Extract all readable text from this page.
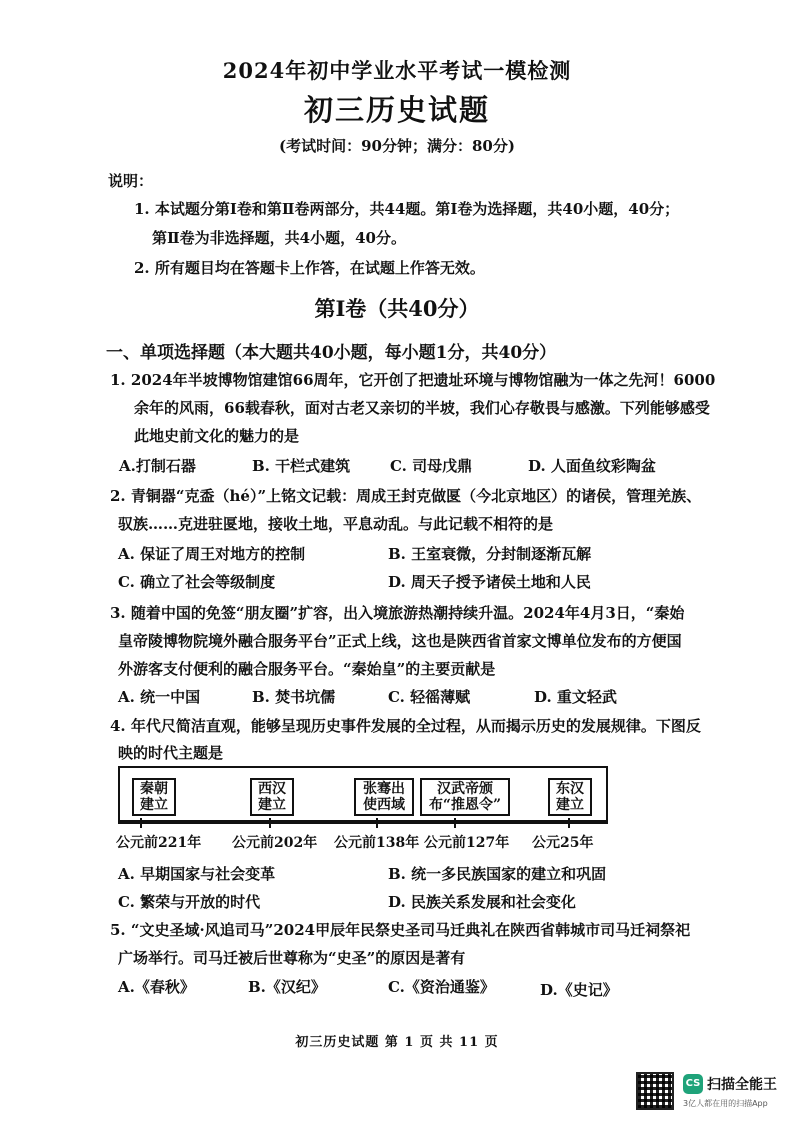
2024年初中学业水平考试一模检测
初三历史试题
(考试时间：90分钟；满分：80分)
说明：
1. 本试题分第Ⅰ卷和第Ⅱ卷两部分，共44题。第Ⅰ卷为选择题，共40小题，40分；
第Ⅱ卷为非选择题，共4小题，40分。
2. 所有题目均在答题卡上作答，在试题上作答无效。
第Ⅰ卷（共40分）
一、单项选择题（本大题共40小题，每小题1分，共40分）
1. 2024年半坡博物馆建馆66周年，它开创了把遗址环境与博物馆融为一体之先河！6000
余年的风雨，66载春秋，面对古老又亲切的半坡，我们心存敬畏与感激。下列能够感受
此地史前文化的魅力的是
A.打制石器	B. 干栏式建筑	C. 司母戊鼎	D. 人面鱼纹彩陶盆
2. 青铜器“克盉（hé）”上铭文记载：周成王封克做匽（今北京地区）的诸侯，管理羌族、
驭族……克进驻匽地，接收土地，平息动乱。与此记载不相符的是
A. 保证了周王对地方的控制	B. 王室衰微，分封制逐渐瓦解
C. 确立了社会等级制度	D. 周天子授予诸侯土地和人民
3. 随着中国的免签“朋友圈”扩容，出入境旅游热潮持续升温。2024年4月3日，“秦始
皇帝陵博物院境外融合服务平台”正式上线，这也是陕西省首家文博单位发布的方便国
外游客支付便利的融合服务平台。“秦始皇”的主要贡献是
A. 统一中国	B. 焚书坑儒	C. 轻徭薄赋	D. 重文轻武
4. 年代尺简洁直观，能够呈现历史事件发展的全过程，从而揭示历史的发展规律。下图反
映的时代主题是
秦朝建立
西汉建立
张骞出使西域
汉武帝颁布“推恩令”
东汉建立
公元前221年 公元前202年 公元前138年 公元前127年 公元25年
A. 早期国家与社会变革	B. 统一多民族国家的建立和巩固
C. 繁荣与开放的时代	D. 民族关系发展和社会变化
5. “文史圣域·风追司马”2024甲辰年民祭史圣司马迁典礼在陕西省韩城市司马迁祠祭祀
广场举行。司马迁被后世尊称为“史圣”的原因是著有
A.《春秋》	B.《汉纪》	C.《资治通鉴》	D.《史记》
初三历史试题 第 1 页 共 11 页
CS 扫描全能王
3亿人都在用的扫描App
